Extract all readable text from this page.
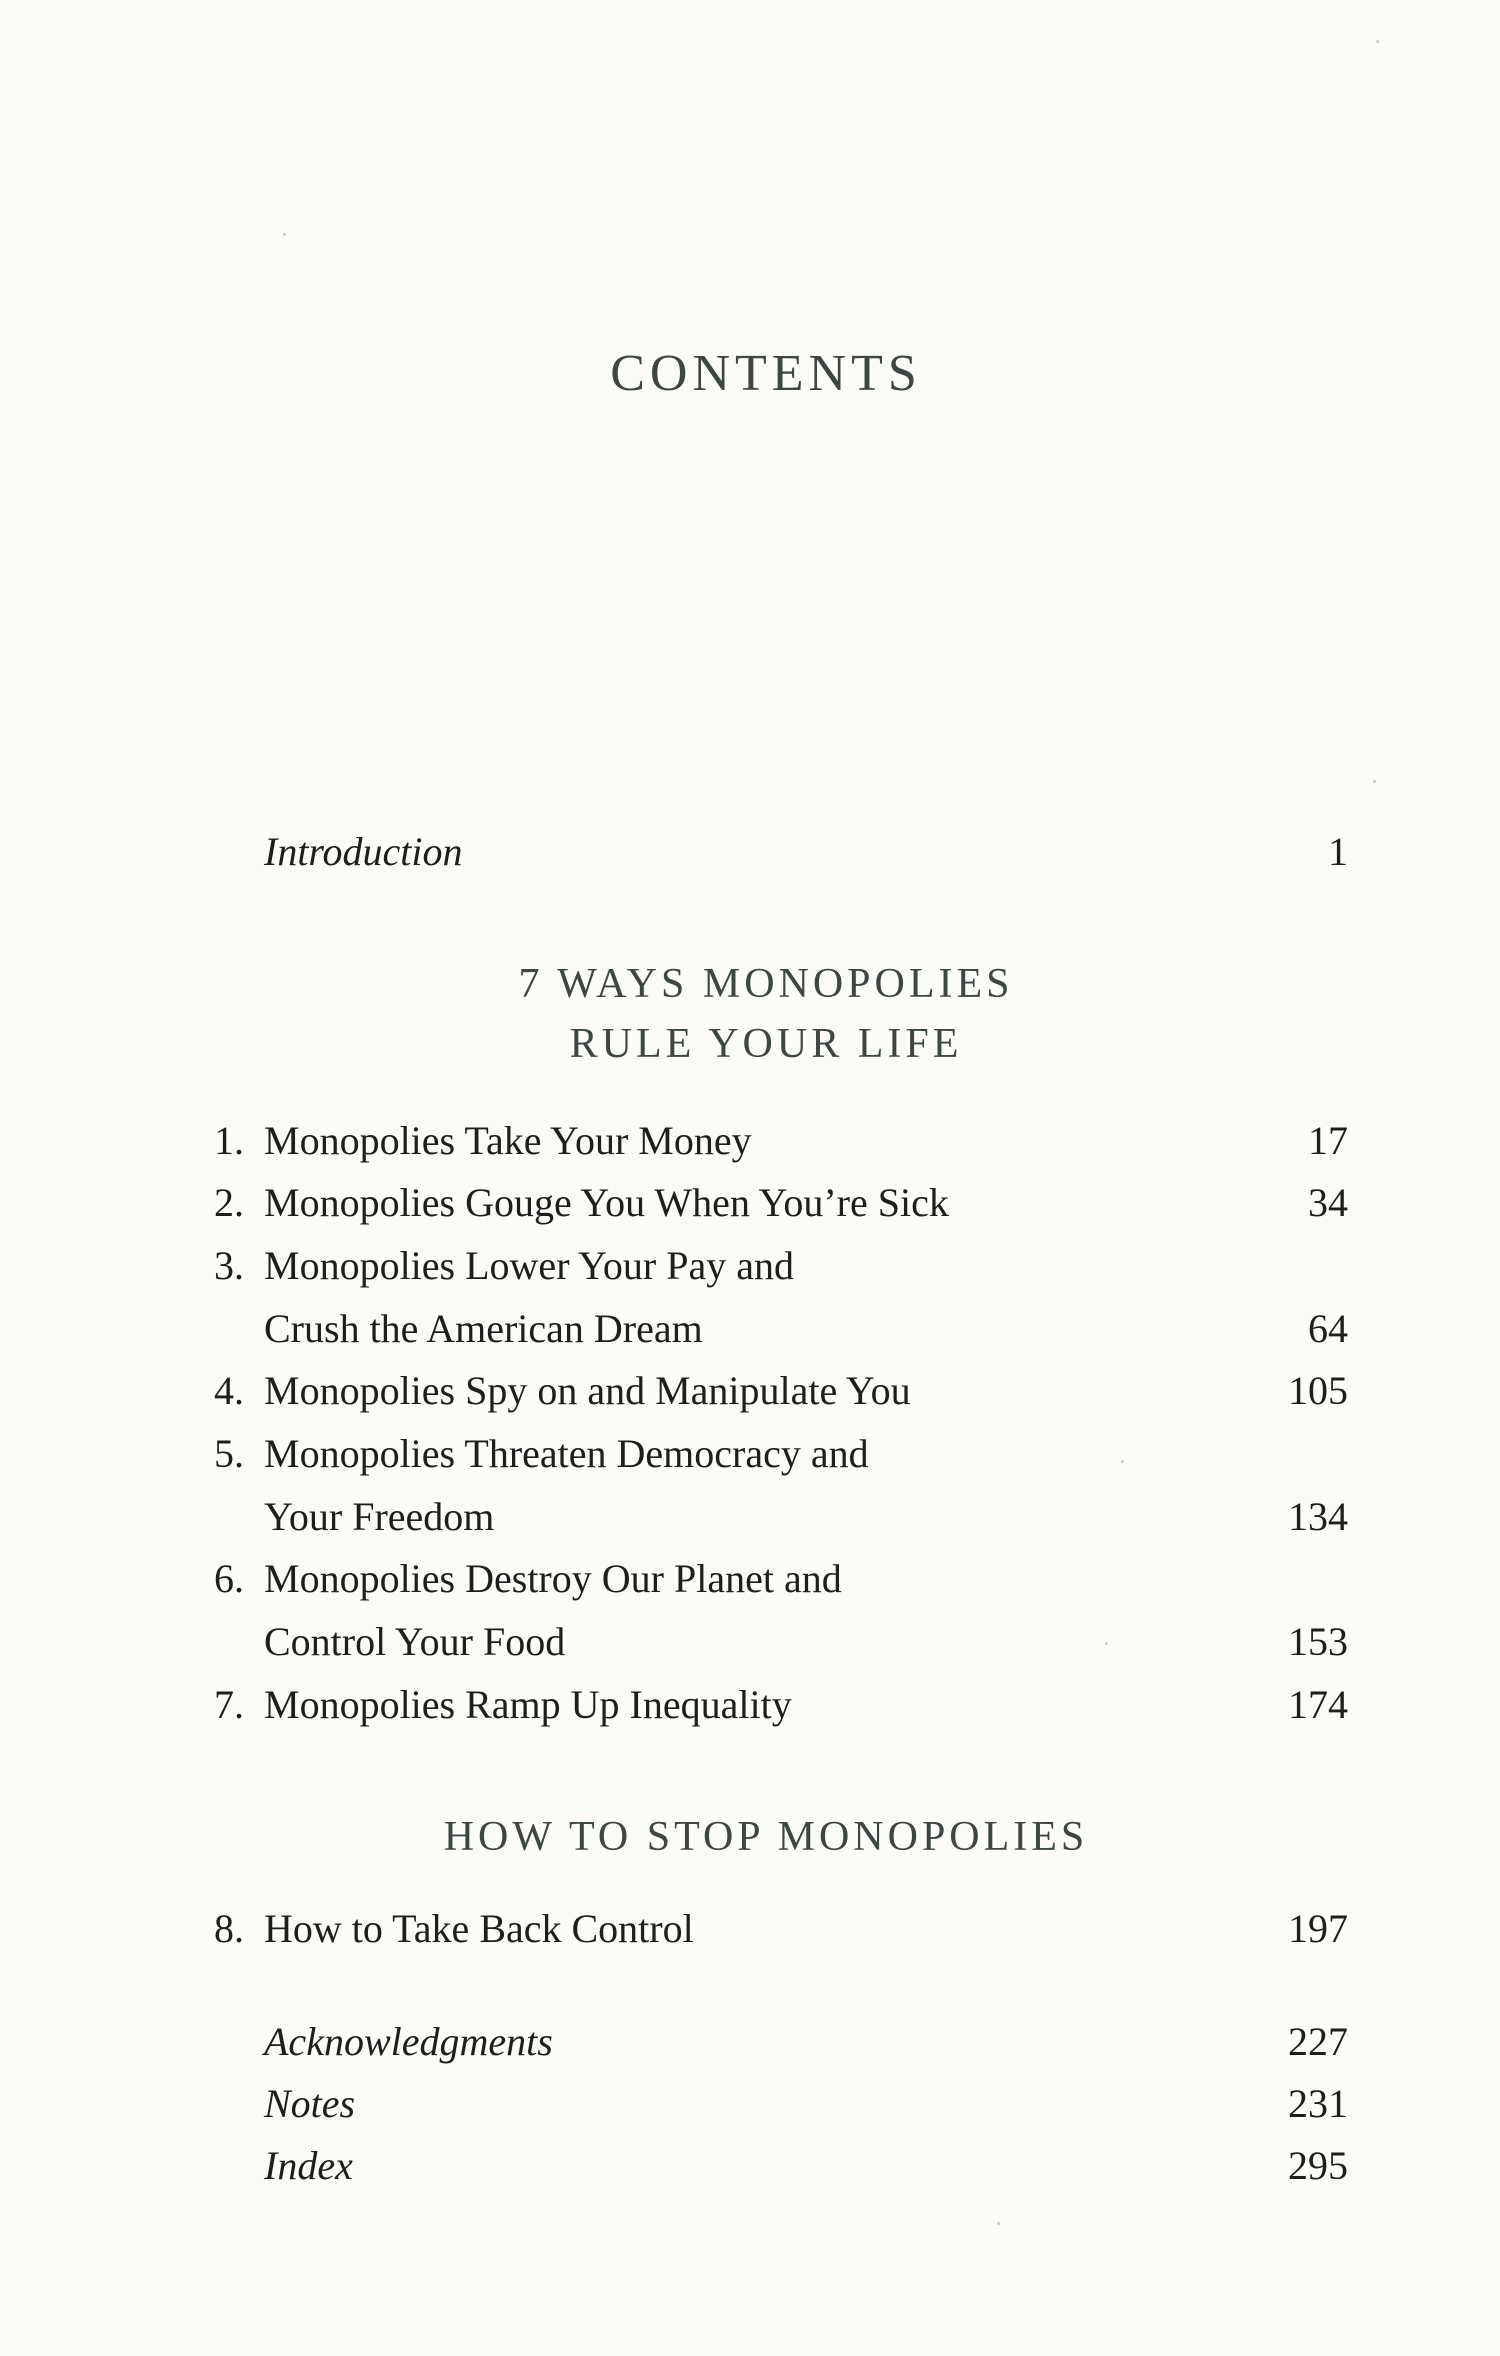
CONTENTS
Introduction	1
7 WAYS MONOPOLIES
RULE YOUR LIFE
1. Monopolies Take Your Money	17
2. Monopolies Gouge You When You’re Sick	34
3. Monopolies Lower Your Pay and
Crush the American Dream	64
4. Monopolies Spy on and Manipulate You	105
5. Monopolies Threaten Democracy and
Your Freedom	134
6. Monopolies Destroy Our Planet and
Control Your Food	153
7. Monopolies Ramp Up Inequality	174
HOW TO STOP MONOPOLIES
8. How to Take Back Control	197
Acknowledgments	227
Notes	231
Index	295
